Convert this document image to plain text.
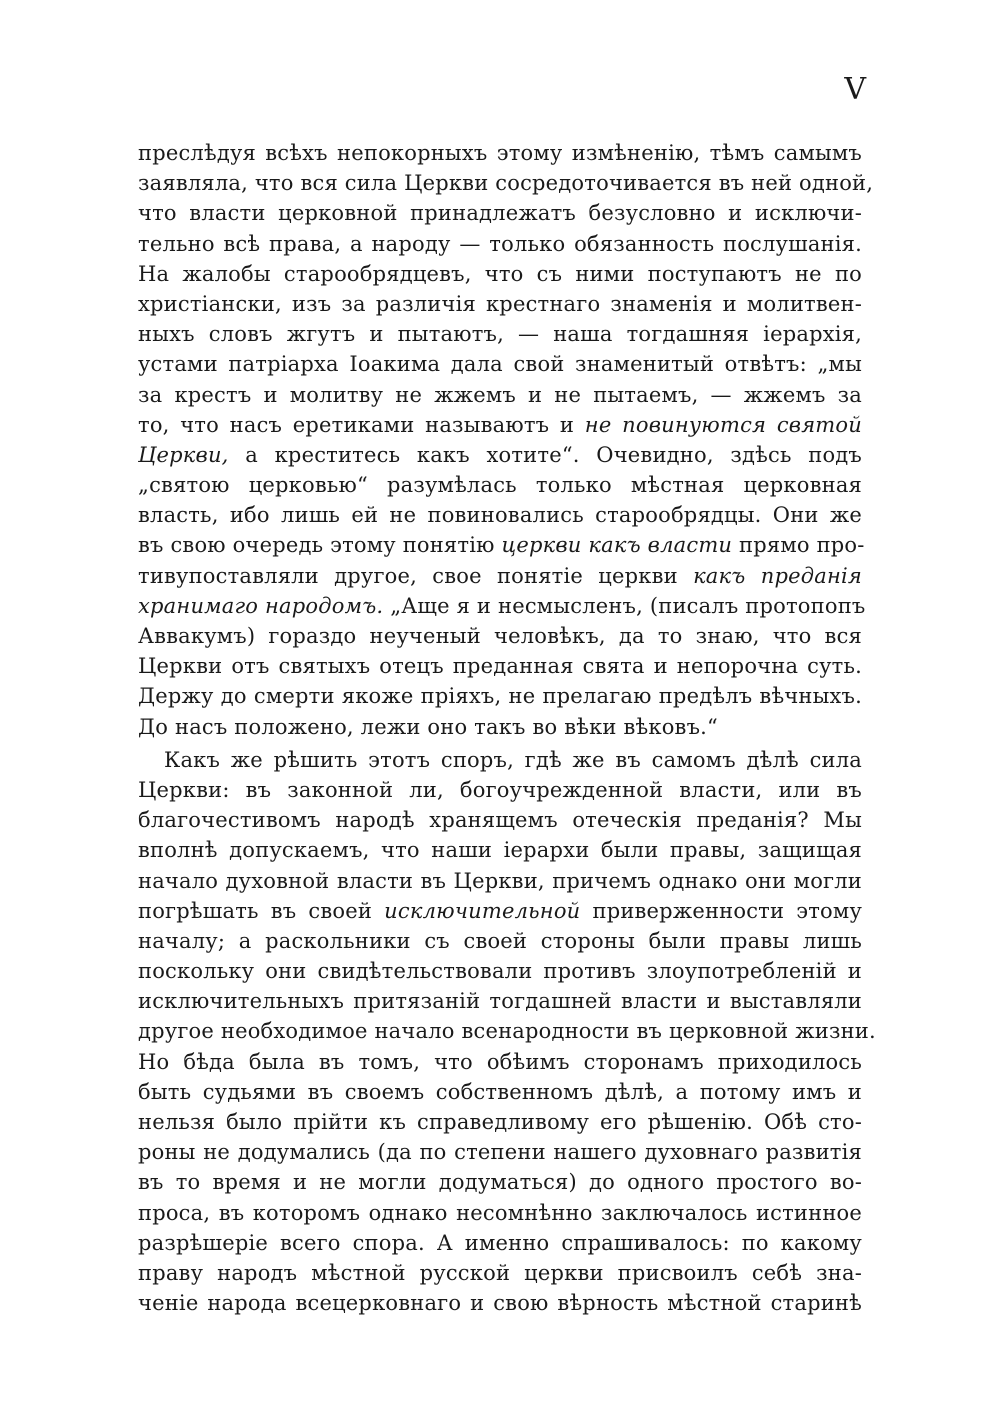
V
преслѣдуя всѣхъ непокорныхъ этому измѣненію, тѣмъ самымъ
заявляла, что вся сила Церкви сосредоточивается въ ней одной,
что власти церковной принадлежатъ безусловно и исключи-
тельно всѣ права, а народу — только обязанность послушанія.
На жалобы старообрядцевъ, что съ ними поступаютъ не по
христіански, изъ за различія крестнаго знаменія и молитвен-
ныхъ словъ жгутъ и пытаютъ, — наша тогдашняя іерархія,
устами патріарха Іоакима дала свой знаменитый отвѣтъ: „мы
за крестъ и молитву не жжемъ и не пытаемъ, — жжемъ за
то, что насъ еретиками называютъ и не повинуются святой
Церкви, а креститесь какъ хотите“. Очевидно, здѣсь подъ
„святою церковью“ разумѣлась только мѣстная церковная
власть, ибо лишь ей не повиновались старообрядцы. Они же
въ свою очередь этому понятію церкви какъ власти прямо про-
тивупоставляли другое, свое понятіе церкви какъ преданія
хранимаго народомъ. „Аще я и несмысленъ, (писалъ протопопъ
Аввакумъ) гораздо неученый человѣкъ, да то знаю, что вся
Церкви отъ святыхъ отецъ преданная свята и непорочна суть.
Держу до смерти якоже пріяхъ, не прелагаю предѣлъ вѣчныхъ.
До насъ положено, лежи оно такъ во вѣки вѣковъ.“
Какъ же рѣшить этотъ споръ, гдѣ же въ самомъ дѣлѣ сила
Церкви: въ законной ли, богоучрежденной власти, или въ
благочестивомъ народѣ хранящемъ отеческія преданія? Мы
вполнѣ допускаемъ, что наши іерархи были правы, защищая
начало духовной власти въ Церкви, причемъ однако они могли
погрѣшать въ своей исключительной приверженности этому
началу; а раскольники съ своей стороны были правы лишь
поскольку они свидѣтельствовали противъ злоупотребленій и
исключительныхъ притязаній тогдашней власти и выставляли
другое необходимое начало всенародности въ церковной жизни.
Но бѣда была въ томъ, что обѣимъ сторонамъ приходилось
быть судьями въ своемъ собственномъ дѣлѣ, а потому имъ и
нельзя было прійти къ справедливому его рѣшенію. Обѣ сто-
роны не додумались (да по степени нашего духовнаго развитія
въ то время и не могли додуматься) до одного простого во-
проса, въ которомъ однако несомнѣнно заключалось истинное
разрѣшеріе всего спора. А именно спрашивалось: по какому
праву народъ мѣстной русской церкви присвоилъ себѣ зна-
ченіе народа всецерковнаго и свою вѣрность мѣстной старинѣ
